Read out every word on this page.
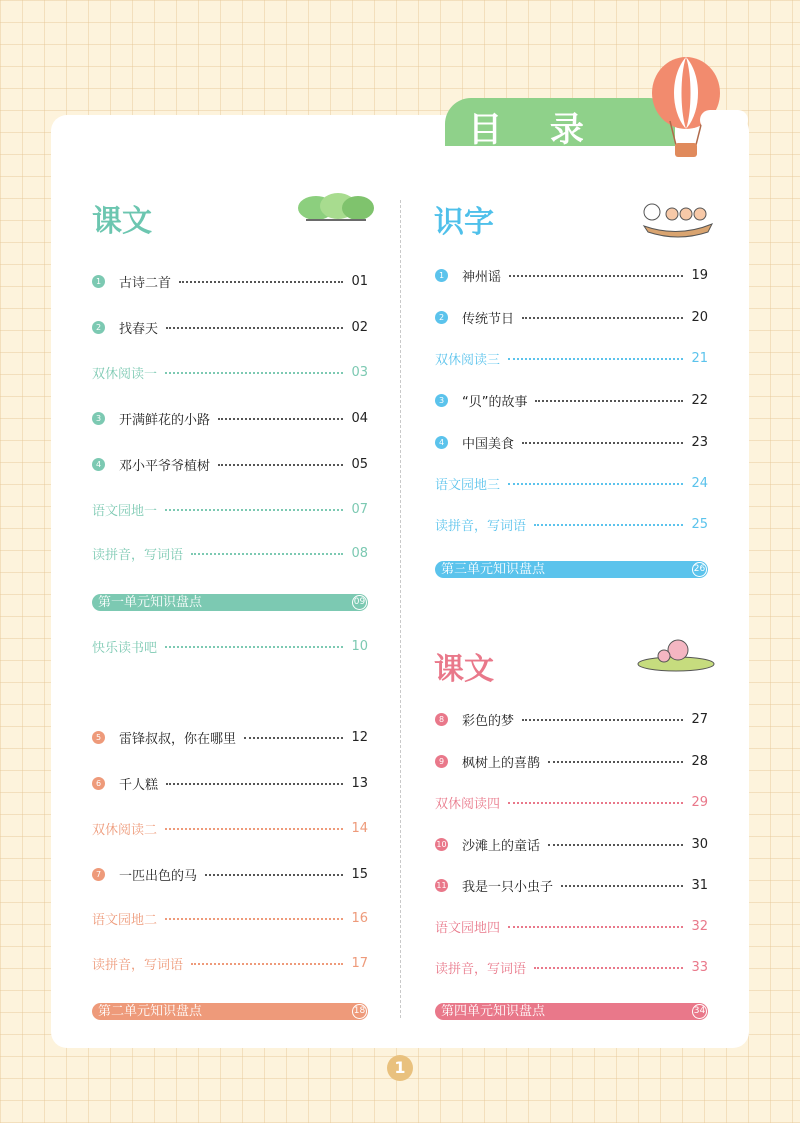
目 录
课文	识字
课文
1	古诗二首	01
2	找春天	02
双休阅读一	03
3	开满鲜花的小路	04
4	邓小平爷爷植树	05
语文园地一	07
读拼音，写词语	08
第一单元知识盘点	09
快乐读书吧	10
5	雷锋叔叔，你在哪里	12
6	千人糕	13
双休阅读二	14
7	一匹出色的马	15
语文园地二	16
读拼音，写词语	17
第二单元知识盘点	18
1	神州谣	19
2	传统节日	20
双休阅读三	21
3	“贝”的故事	22
4	中国美食	23
语文园地三	24
读拼音，写词语	25
第三单元知识盘点	26
8	彩色的梦	27
9	枫树上的喜鹊	28
双休阅读四	29
10 沙滩上的童话	30
11 我是一只小虫子	31
语文园地四	32
读拼音，写词语	33
第四单元知识盘点	34
1
